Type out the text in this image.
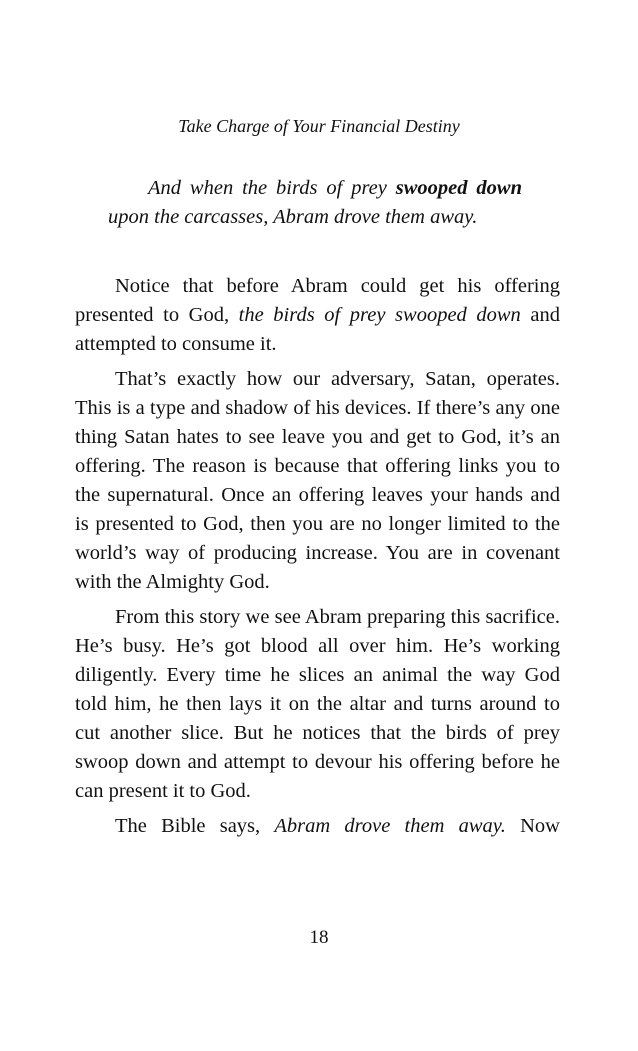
Take Charge of Your Financial Destiny
And when the birds of prey swooped down upon the carcasses, Abram drove them away.

Notice that before Abram could get his offering presented to God, the birds of prey swooped down and attempted to consume it.

That’s exactly how our adversary, Satan, operates. This is a type and shadow of his devices. If there’s any one thing Satan hates to see leave you and get to God, it’s an offering. The reason is because that offering links you to the supernatural. Once an offering leaves your hands and is presented to God, then you are no longer limited to the world’s way of producing increase. You are in covenant with the Almighty God.

From this story we see Abram preparing this sacrifice. He’s busy. He’s got blood all over him. He’s working diligently. Every time he slices an animal the way God told him, he then lays it on the altar and turns around to cut another slice. But he notices that the birds of prey swoop down and attempt to devour his offering before he can present it to God.

The Bible says, Abram drove them away. Now

18
